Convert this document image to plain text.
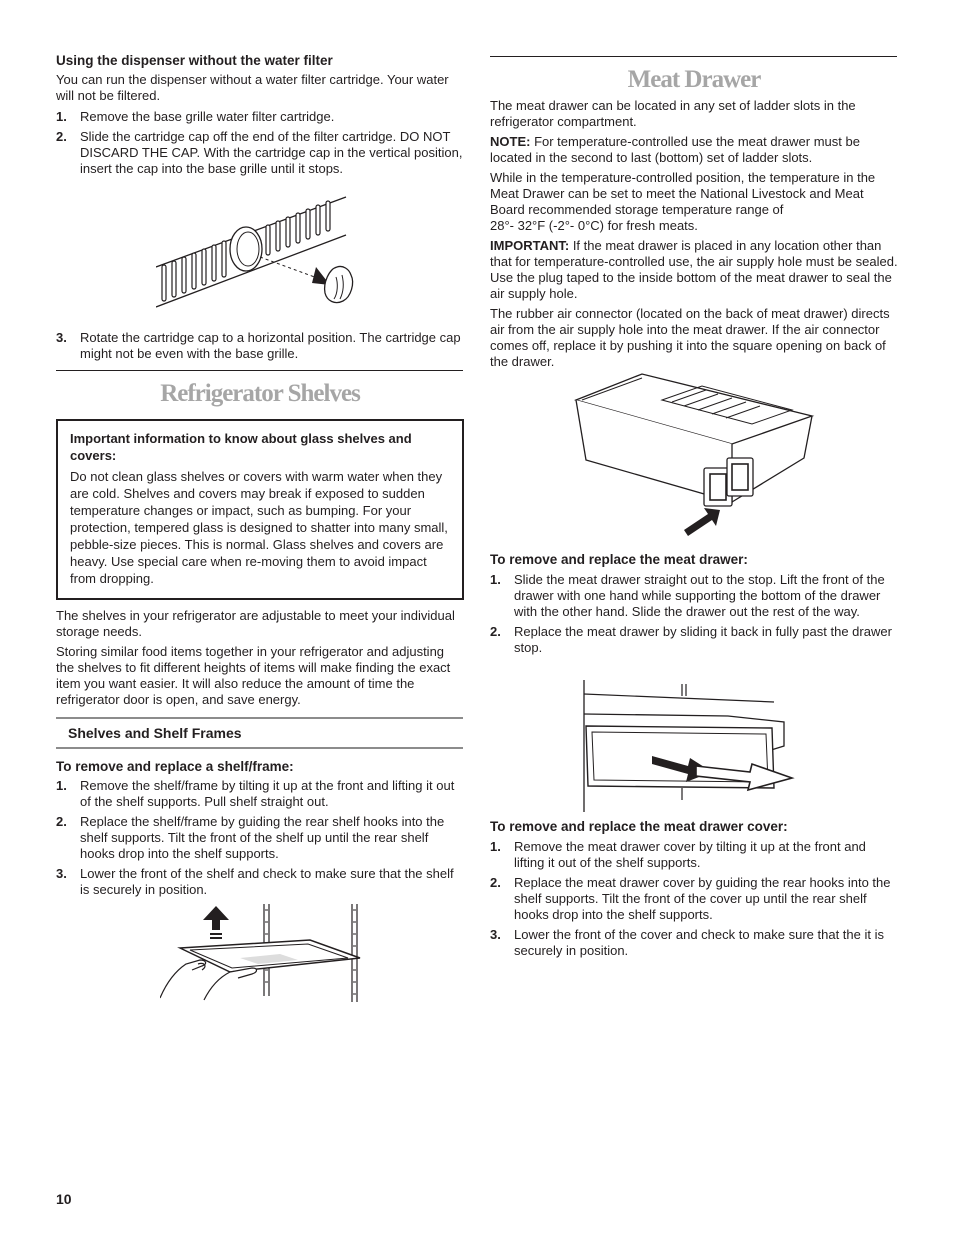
Using the dispenser without the water filter

You can run the dispenser without a water filter cartridge. Your water will not be filtered.

1. Remove the base grille water filter cartridge.
2. Slide the cartridge cap off the end of the filter cartridge. DO NOT DISCARD THE CAP. With the cartridge cap in the vertical position, insert the cap into the base grille until it stops.
3. Rotate the cartridge cap to a horizontal position. The cartridge cap might not be even with the base grille.
Refrigerator Shelves

Important information to know about glass shelves and covers:

Do not clean glass shelves or covers with warm water when they are cold. Shelves and covers may break if exposed to sudden temperature changes or impact, such as bumping. For your protection, tempered glass is designed to shatter into many small, pebble-size pieces. This is normal. Glass shelves and covers are heavy. Use special care when re-moving them to avoid impact from dropping.

The shelves in your refrigerator are adjustable to meet your individual storage needs.

Storing similar food items together in your refrigerator and adjusting the shelves to fit different heights of items will make finding the exact item you want easier. It will also reduce the amount of time the refrigerator door is open, and save energy.

Shelves and Shelf Frames

To remove and replace a shelf/frame:

1. Remove the shelf/frame by tilting it up at the front and lifting it out of the shelf supports. Pull shelf straight out.
2. Replace the shelf/frame by guiding the rear shelf hooks into the shelf supports. Tilt the front of the shelf up until the rear shelf hooks drop into the shelf supports.
3. Lower the front of the shelf and check to make sure that the shelf is securely in position.
Meat Drawer

The meat drawer can be located in any set of ladder slots in the refrigerator compartment.

NOTE: For temperature-controlled use the meat drawer must be located in the second to last (bottom) set of ladder slots.

While in the temperature-controlled position, the temperature in the Meat Drawer can be set to meet the National Livestock and Meat Board recommended storage temperature range of

28°- 32°F (-2°- 0°C) for fresh meats.

IMPORTANT: If the meat drawer is placed in any location other than that for temperature-controlled use, the air supply hole must be sealed. Use the plug taped to the inside bottom of the meat drawer to seal the air supply hole.

The rubber air connector (located on the back of meat drawer) directs air from the air supply hole into the meat drawer. If the air connector comes off, replace it by pushing it into the square opening on back of the drawer.

To remove and replace the meat drawer:

1. Slide the meat drawer straight out to the stop. Lift the front of the drawer with one hand while supporting the bottom of the drawer with the other hand. Slide the drawer out the rest of the way.
2. Replace the meat drawer by sliding it back in fully past the drawer stop.

To remove and replace the meat drawer cover:

1. Remove the meat drawer cover by tilting it up at the front and lifting it out of the shelf supports.
2. Replace the meat drawer cover by guiding the rear hooks into the shelf supports. Tilt the front of the cover up until the rear shelf hooks drop into the shelf supports.
3. Lower the front of the cover and check to make sure that the it is securely in position.
10
